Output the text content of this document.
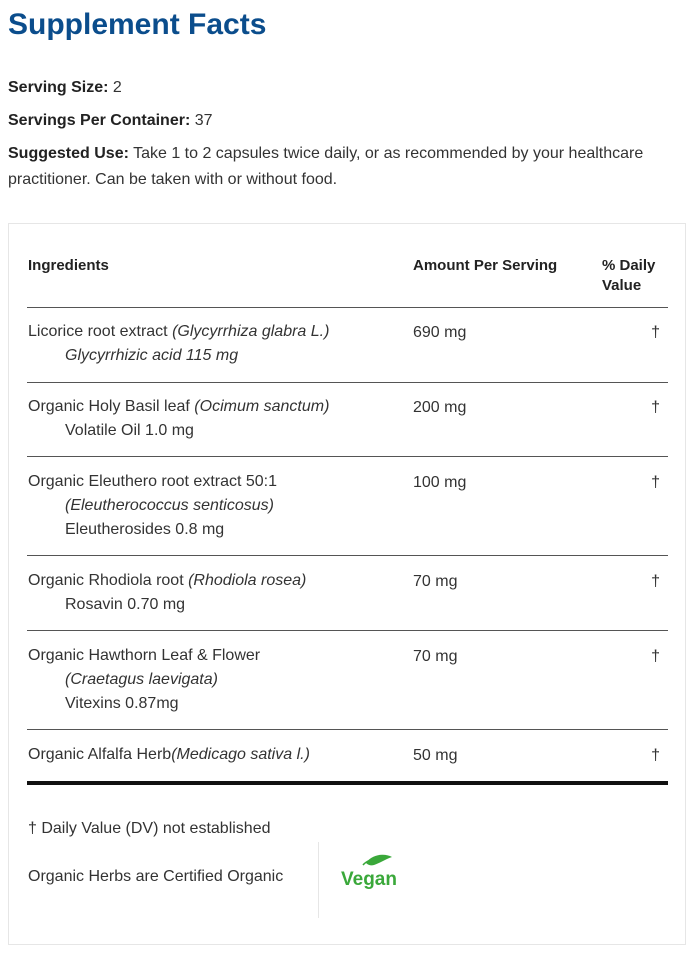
Supplement Facts
Serving Size: 2
Servings Per Container: 37
Suggested Use: Take 1 to 2 capsules twice daily, or as recommended by your healthcare practitioner. Can be taken with or without food.
Ingredients	Amount Per Serving	% Daily
Value
Licorice root extract (Glycyrrhiza glabra L.)
Glycyrrhizic acid 115 mg
690 mg	†
Organic Holy Basil leaf (Ocimum sanctum)
Volatile Oil 1.0 mg
200 mg	†
Organic Eleuthero root extract 50:1
(Eleutherococcus senticosus)
Eleutherosides 0.8 mg
100 mg	†
Organic Rhodiola root (Rhodiola rosea)
Rosavin 0.70 mg
70 mg	†
Organic Hawthorn Leaf & Flower
(Craetagus laevigata)
Vitexins 0.87mg
70 mg	†
Organic Alfalfa Herb(Medicago sativa l.)	50 mg	†
† Daily Value (DV) not established
Organic Herbs are Certified Organic	Vegan
